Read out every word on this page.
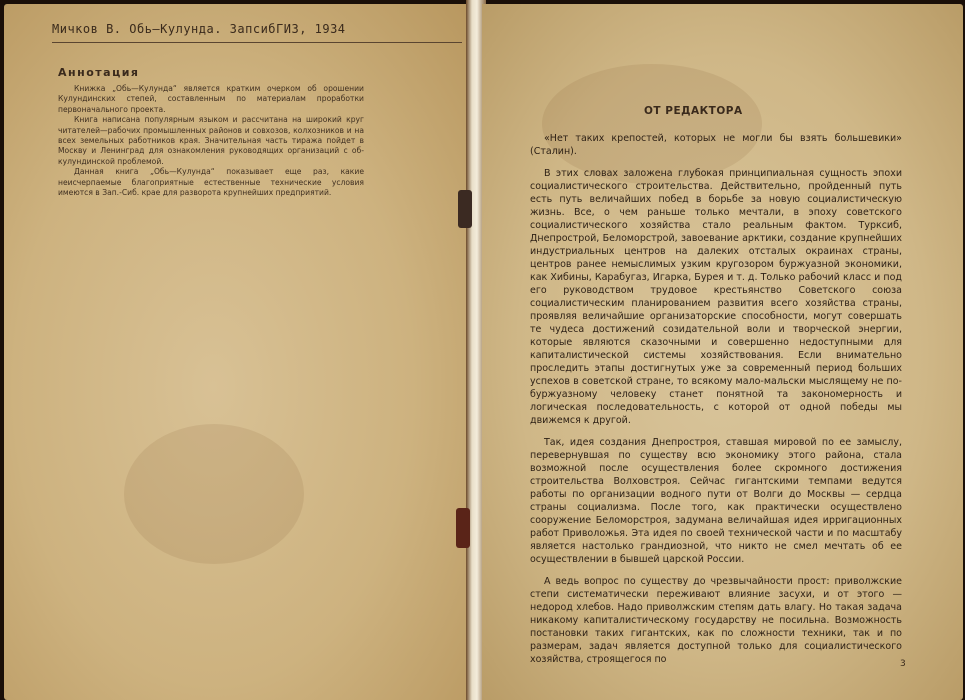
Мичков В. Обь—Кулунда. ЗапсибГИЗ, 1934
Аннотация

Книжка „Обь—Кулунда“ является кратким очерком об орошении Кулундинских степей, составленным по материалам проработки первоначального проекта.

Книга написана популярным языком и рассчитана на широкий круг читателей—рабочих промышленных районов и совхозов, колхозников и на всех земельных работников края. Значительная часть тиража пойдет в Москву и Ленинград для ознакомления руководящих организаций с об-кулундинской проблемой.

Данная книга „Обь—Кулунда“ показывает еще раз, какие неисчерпаемые благоприятные естественные технические условия имеются в Зап.-Сиб. крае для разворота крупнейших предприятий.

ОТ РЕДАКТОРА

«Нет таких крепостей, которых не могли бы взять большевики» (Сталин).

В этих словах заложена глубокая принципиальная сущность эпохи социалистического строительства. Действительно, пройденный путь есть путь величайших побед в борьбе за новую социалистическую жизнь. Все, о чем раньше только мечтали, в эпоху советского социалистического хозяйства стало реальным фактом. Турксиб, Днепрострой, Беломорстрой, завоевание арктики, создание крупнейших индустриальных центров на далеких отсталых окраинах страны, центров ранее немыслимых узким кругозором буржуазной экономики, как Хибины, Карабугаз, Игарка, Бурея и т. д. Только рабочий класс и под его руководством трудовое крестьянство Советского союза социалистическим планированием развития всего хозяйства страны, проявляя величайшие организаторские способности, могут совершать те чудеса достижений созидательной воли и творческой энергии, которые являются сказочными и совершенно недоступными для капиталистической системы хозяйствования. Если внимательно проследить этапы достигнутых уже за современный период больших успехов в советской стране, то всякому мало-мальски мыслящему не по-буржуазному человеку станет понятной та закономерность и логическая последовательность, с которой от одной победы мы движемся к другой.

Так, идея создания Днепростроя, ставшая мировой по ее замыслу, перевернувшая по существу всю экономику этого района, стала возможной после осуществления более скромного достижения строительства Волховстроя. Сейчас гигантскими темпами ведутся работы по организации водного пути от Волги до Москвы — сердца страны социализма. После того, как практически осуществлено сооружение Беломорстроя, задумана величайшая идея ирригационных работ Приволожья. Эта идея по своей технической части и по масштабу является настолько грандиозной, что никто не смел мечтать об ее осуществлении в бывшей царской России.

А ведь вопрос по существу до чрезвычайности прост: приволжские степи систематически переживают влияние засухи, и от этого — недород хлебов. Надо приволжским степям дать влагу. Но такая задача никакому капиталистическому государству не посильна. Возможность постановки таких гигантских, как по сложности техники, так и по размерам, задач является доступной только для социалистического хозяйства, строящегося по	3
